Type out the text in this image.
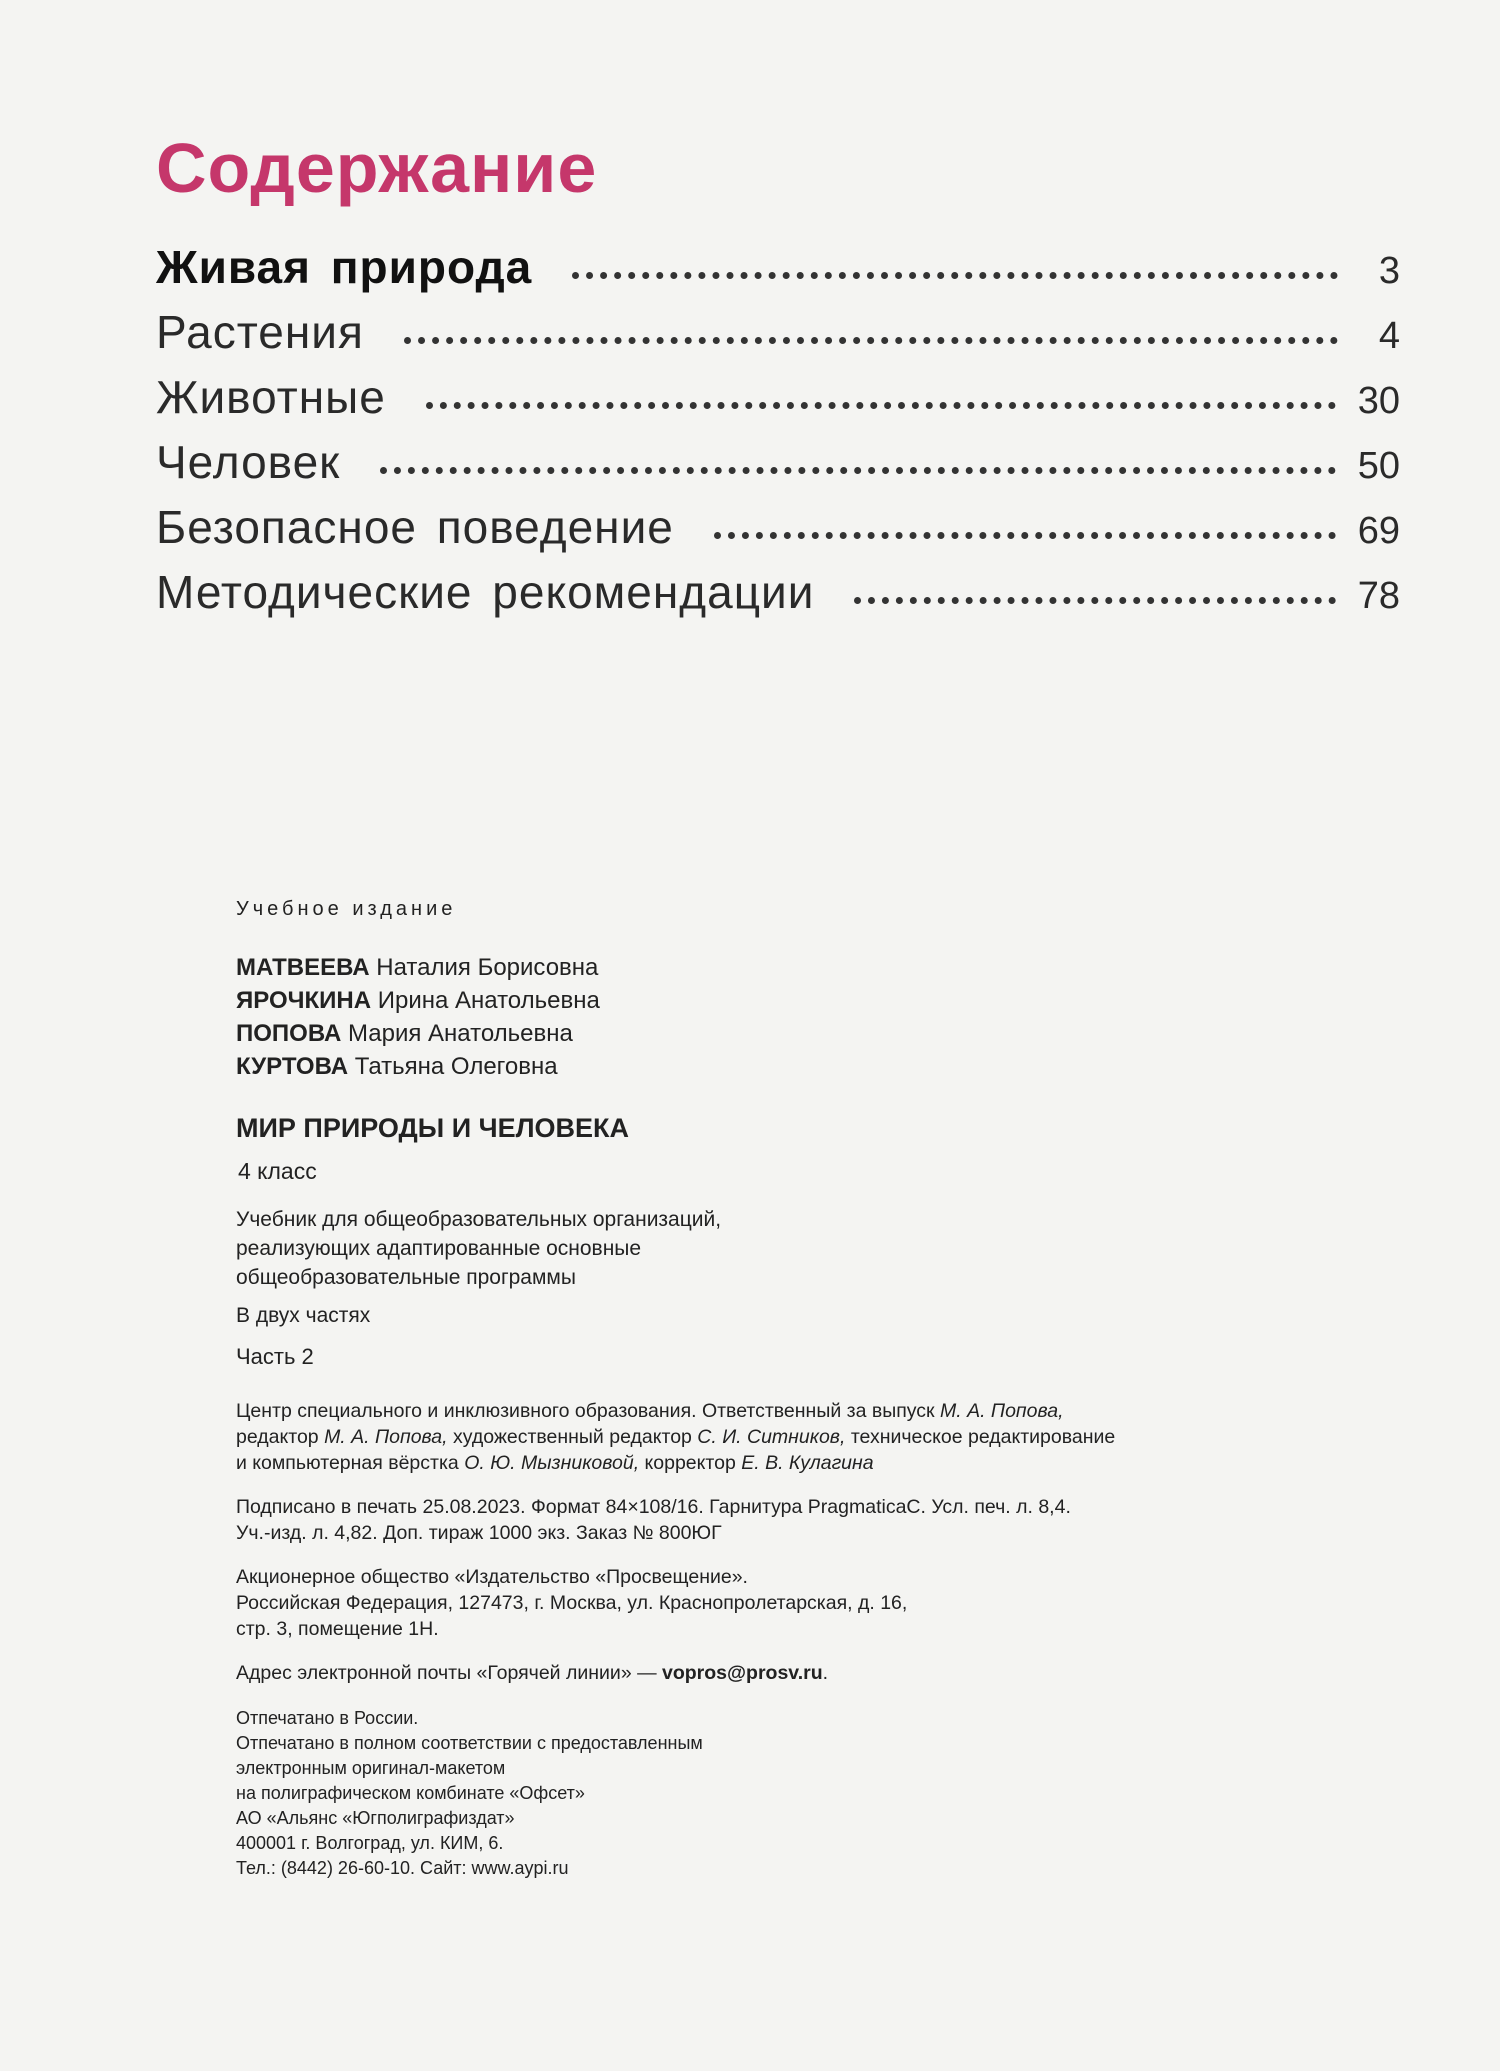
Содержание
Живая природа	3
Растения	4
Животные	30
Человек	50
Безопасное поведение	69
Методические рекомендации	78
Учебное издание
МАТВЕЕВА Наталия Борисовна
ЯРОЧКИНА Ирина Анатольевна
ПОПОВА Мария Анатольевна
КУРТОВА Татьяна Олеговна
МИР ПРИРОДЫ И ЧЕЛОВЕКА
4 класс
Учебник для общеобразовательных организаций,
реализующих адаптированные основные
общеобразовательные программы
В двух частях
Часть 2
Центр специального и инклюзивного образования. Ответственный за выпуск М. А. Попова,
редактор М. А. Попова, художественный редактор С. И. Ситников, техническое редактирование
и компьютерная вёрстка О. Ю. Мызниковой, корректор Е. В. Кулагина
Подписано в печать 25.08.2023. Формат 84×108/16. Гарнитура PragmaticaC. Усл. печ. л. 8,4.
Уч.-изд. л. 4,82. Доп. тираж 1000 экз. Заказ № 800ЮГ
Акционерное общество «Издательство «Просвещение».
Российская Федерация, 127473, г. Москва, ул. Краснопролетарская, д. 16,
стр. 3, помещение 1Н.
Адрес электронной почты «Горячей линии» — vopros@prosv.ru.
Отпечатано в России.
Отпечатано в полном соответствии с предоставленным
электронным оригинал-макетом
на полиграфическом комбинате «Офсет»
АО «Альянс «Югполиграфиздат»
400001 г. Волгоград, ул. КИМ, 6.
Тел.: (8442) 26-60-10. Сайт: www.aypi.ru
